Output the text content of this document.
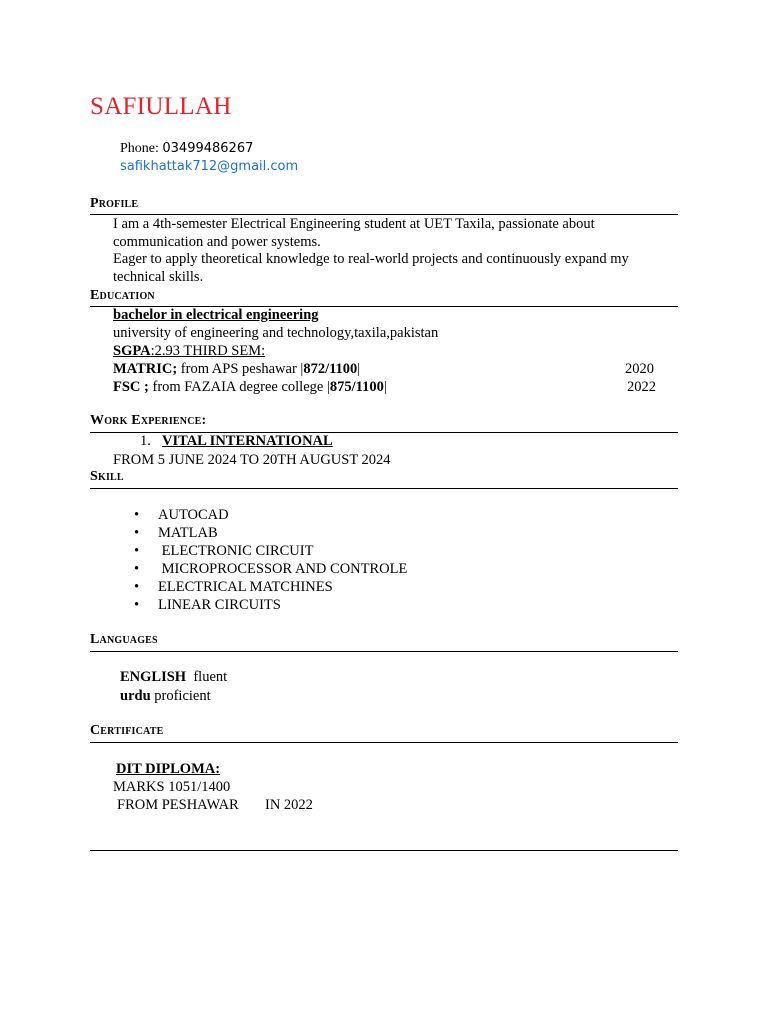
SAFIULLAH
Phone: 03499486267
safikhattak712@gmail.com
Profile
I am a 4th-semester Electrical Engineering student at UET Taxila, passionate about
communication and power systems.
Eager to apply theoretical knowledge to real-world projects and continuously expand my
technical skills.
Education
bachelor in electrical engineering
university of engineering and technology,taxila,pakistan
SGPA:2.93 THIRD SEM:
MATRIC; from APS peshawar |872/1100|	2020
FSC ; from FAZAIA degree college |875/1100|	2022
Work Experience:
1. VITAL INTERNATIONAL
FROM 5 JUNE 2024 TO 20TH AUGUST 2024
Skill
• AUTOCAD
• MATLAB
• ELECTRONIC CIRCUIT
• MICROPROCESSOR AND CONTROLE
• ELECTRICAL MATCHINES
• LINEAR CIRCUITS
Languages
ENGLISH  fluent
urdu proficient
Certificate
DIT DIPLOMA:
MARKS 1051/1400
FROM PESHAWAR IN 2022
